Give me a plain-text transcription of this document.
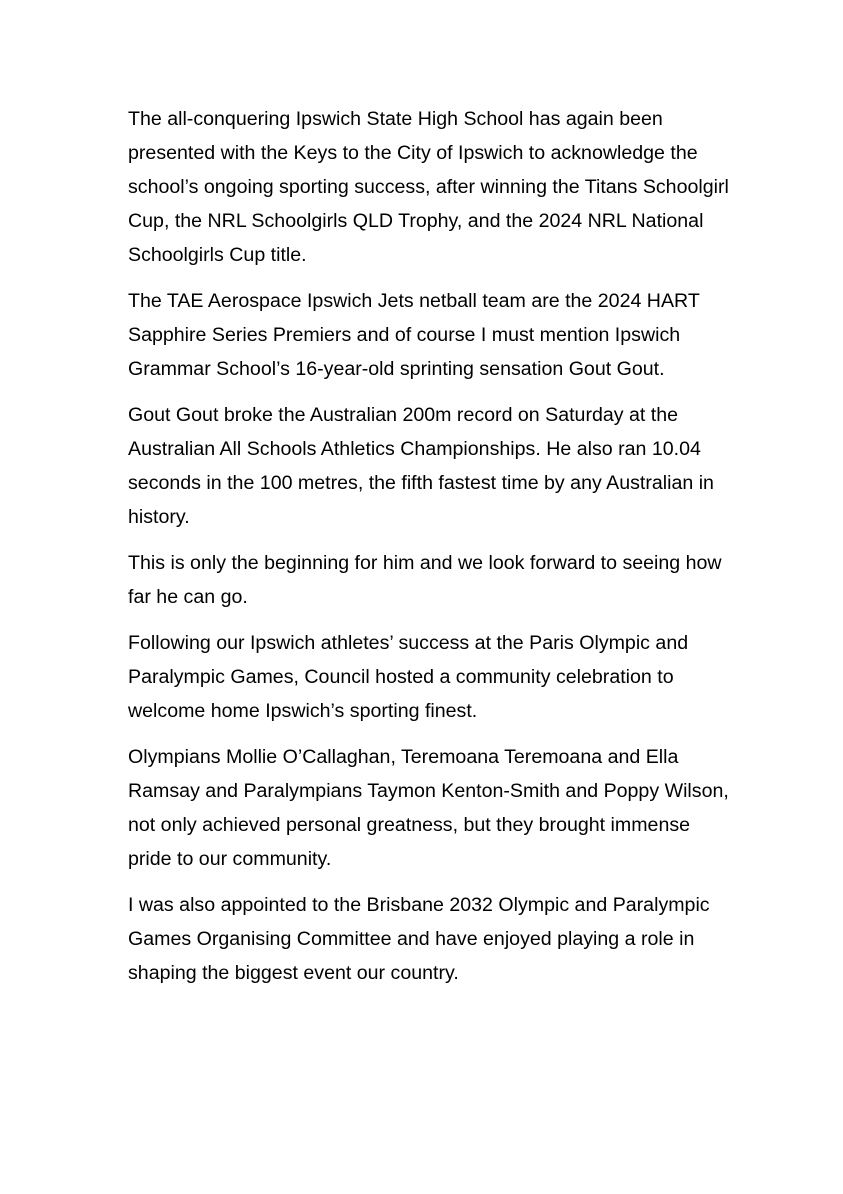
The all-conquering Ipswich State High School has again been
presented with the Keys to the City of Ipswich to acknowledge the
school’s ongoing sporting success, after winning the Titans Schoolgirl
Cup, the NRL Schoolgirls QLD Trophy, and the 2024 NRL National
Schoolgirls Cup title.
The TAE Aerospace Ipswich Jets netball team are the 2024 HART
Sapphire Series Premiers and of course I must mention Ipswich
Grammar School’s 16-year-old sprinting sensation Gout Gout.
Gout Gout broke the Australian 200m record on Saturday at the
Australian All Schools Athletics Championships. He also ran 10.04
seconds in the 100 metres, the fifth fastest time by any Australian in
history.
This is only the beginning for him and we look forward to seeing how
far he can go.
Following our Ipswich athletes’ success at the Paris Olympic and
Paralympic Games, Council hosted a community celebration to
welcome home Ipswich’s sporting finest.
Olympians Mollie O’Callaghan, Teremoana Teremoana and Ella
Ramsay and Paralympians Taymon Kenton-Smith and Poppy Wilson,
not only achieved personal greatness, but they brought immense
pride to our community.
I was also appointed to the Brisbane 2032 Olympic and Paralympic
Games Organising Committee and have enjoyed playing a role in
shaping the biggest event our country.
